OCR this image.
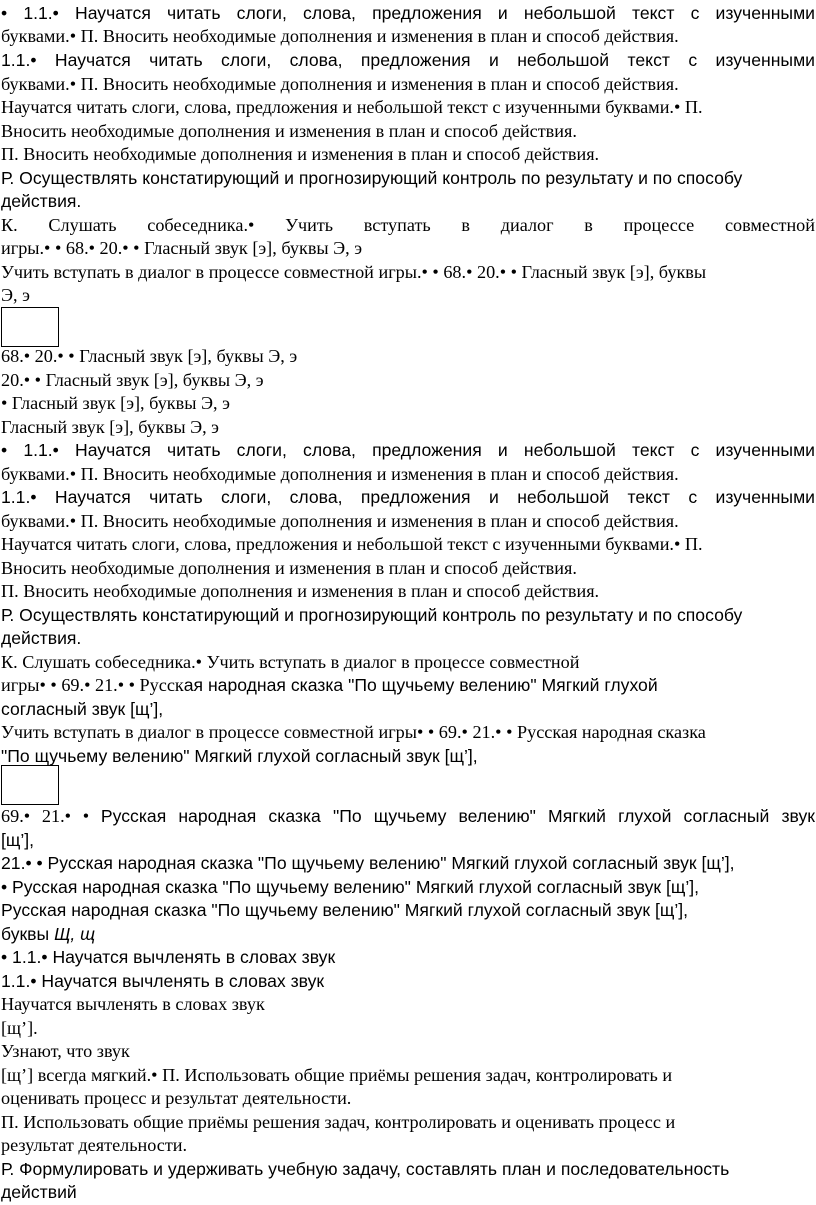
• 1.1.• Научатся читать слоги, слова, предложения и небольшой текст с изученными
буквами.• П. Вносить необходимые дополнения и изменения в план и способ действия.
1.1.• Научатся читать слоги, слова, предложения и небольшой текст с изученными
буквами.• П. Вносить необходимые дополнения и изменения в план и способ действия.
Научатся читать слоги, слова, предложения и небольшой текст с изученными буквами.• П.
Вносить необходимые дополнения и изменения в план и способ действия.
П. Вносить необходимые дополнения и изменения в план и способ действия.
Р. Осуществлять констатирующий и прогнозирующий контроль по результату и по способу
действия.
К. Слушать собеседника.• Учить вступать в диалог в процессе совместной
игры.• • 68.• 20.• • Гласный звук [э], буквы Э, э
Учить вступать в диалог в процессе совместной игры.• • 68.• 20.• • Гласный звук [э], буквы
Э, э
68.• 20.• • Гласный звук [э], буквы Э, э
20.• • Гласный звук [э], буквы Э, э
• Гласный звук [э], буквы Э, э
Гласный звук [э], буквы Э, э
• 1.1.• Научатся читать слоги, слова, предложения и небольшой текст с изученными
буквами.• П. Вносить необходимые дополнения и изменения в план и способ действия.
1.1.• Научатся читать слоги, слова, предложения и небольшой текст с изученными
буквами.• П. Вносить необходимые дополнения и изменения в план и способ действия.
Научатся читать слоги, слова, предложения и небольшой текст с изученными буквами.• П.
Вносить необходимые дополнения и изменения в план и способ действия.
П. Вносить необходимые дополнения и изменения в план и способ действия.
Р. Осуществлять констатирующий и прогнозирующий контроль по результату и по способу
действия.
К. Слушать собеседника.• Учить вступать в диалог в процессе совместной
игры• • 69.• 21.• • Русская народная сказка "По щучьему велению" Мягкий глухой
согласный звук [щ’],
Учить вступать в диалог в процессе совместной игры• • 69.• 21.• • Русская народная сказка
"По щучьему велению" Мягкий глухой согласный звук [щ’],
69.• 21.• • Русская народная сказка "По щучьему велению" Мягкий глухой согласный звук
[щ’],
21.• • Русская народная сказка "По щучьему велению" Мягкий глухой согласный звук [щ’],
• Русская народная сказка "По щучьему велению" Мягкий глухой согласный звук [щ’],
Русская народная сказка "По щучьему велению" Мягкий глухой согласный звук [щ’],
буквы Щ, щ
• 1.1.• Научатся вычленять в словах звук
1.1.• Научатся вычленять в словах звук
Научатся вычленять в словах звук
[щ’].
Узнают, что звук
[щ’] всегда мягкий.• П. Использовать общие приёмы решения задач, контролировать и
оценивать процесс и результат деятельности.
П. Использовать общие приёмы решения задач, контролировать и оценивать процесс и
результат деятельности.
Р. Формулировать и удерживать учебную задачу, составлять план и последовательность
действий
